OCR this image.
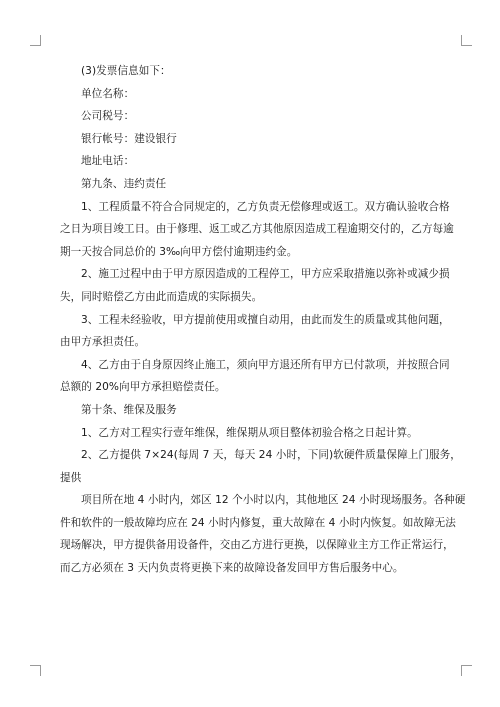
(3)发票信息如下：
单位名称：
公司税号：
银行帐号：建设银行
地址电话：
第九条、违约责任
1、工程质量不符合合同规定的，乙方负责无偿修理或返工。双方确认验收合格
之日为项目竣工日。由于修理、返工或乙方其他原因造成工程逾期交付的，乙方每逾
期一天按合同总价的 3‰向甲方偿付逾期违约金。
2、施工过程中由于甲方原因造成的工程停工，甲方应采取措施以弥补或减少损
失，同时赔偿乙方由此而造成的实际损失。
3、工程未经验收，甲方提前使用或擅自动用，由此而发生的质量或其他问题，
由甲方承担责任。
4、乙方由于自身原因终止施工，须向甲方退还所有甲方已付款项，并按照合同
总额的 20%向甲方承担赔偿责任。
第十条、维保及服务
1、乙方对工程实行壹年维保，维保期从项目整体初验合格之日起计算。
2、乙方提供 7×24(每周 7 天，每天 24 小时，下同)软硬件质量保障上门服务，
提供
项目所在地 4 小时内，郊区 12 个小时以内，其他地区 24 小时现场服务。各种硬
件和软件的一般故障均应在 24 小时内修复，重大故障在 4 小时内恢复。如故障无法
现场解决，甲方提供备用设备件，交由乙方进行更换，以保障业主方工作正常运行，
而乙方必须在 3 天内负责将更换下来的故障设备发回甲方售后服务中心。
